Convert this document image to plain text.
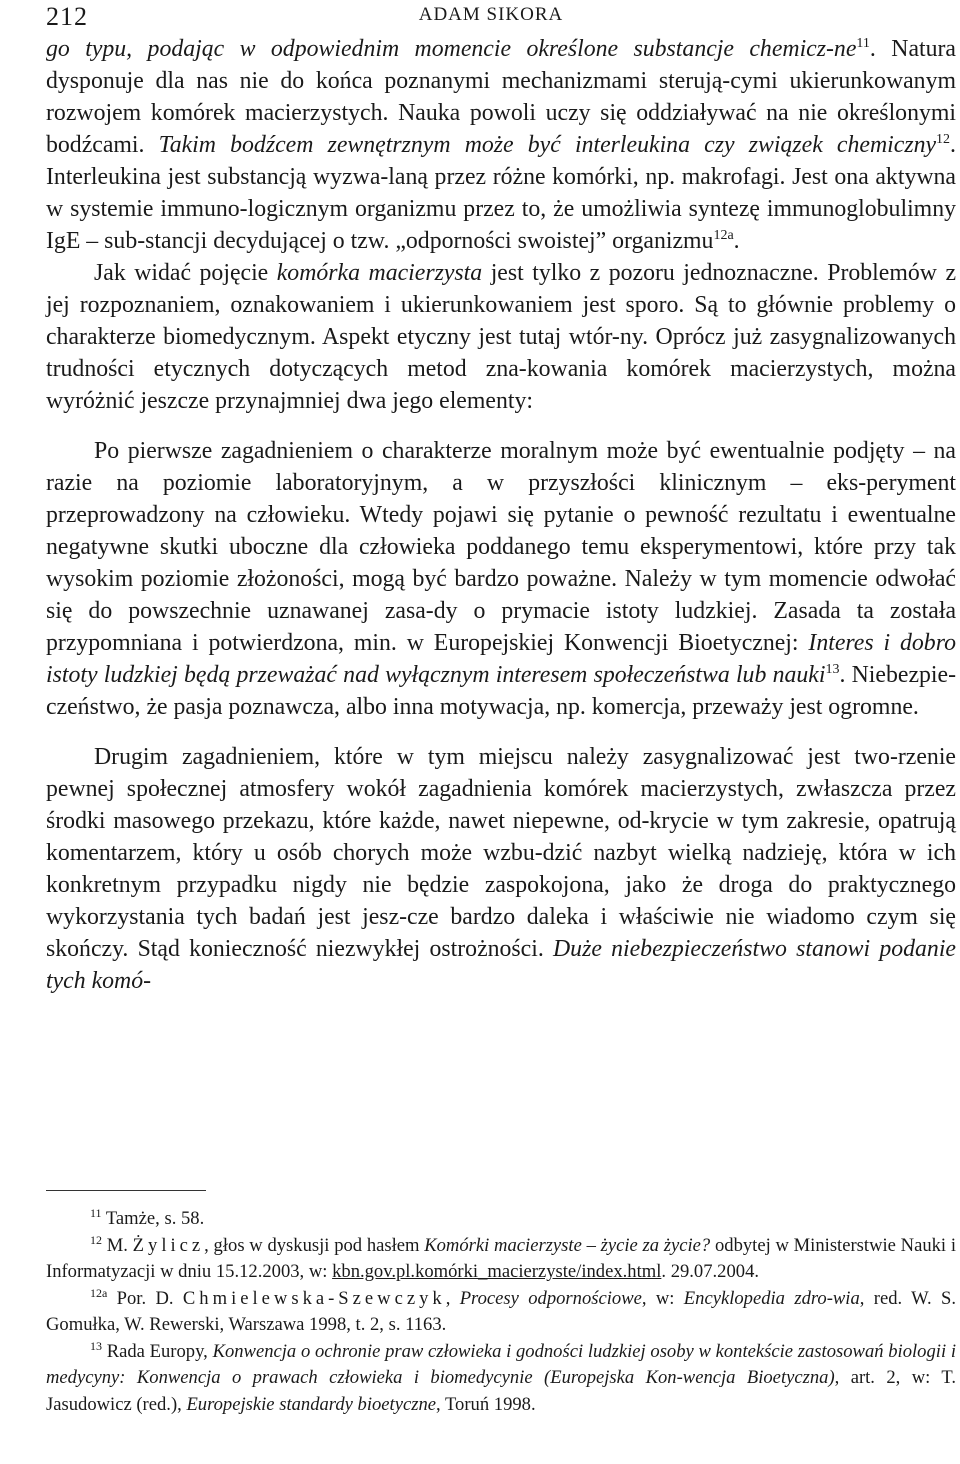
212	ADAM SIKORA

go typu, podając w odpowiednim momencie określone substancje chemicz-$ne^{11}$. Natura dysponuje dla nas nie do końca poznanymi mechanizmami sterują-cymi ukierunkowanym rozwojem komórek macierzystych. Nauka powoli uczy się oddziaływać na nie określonymi bodźcami. Takim bodźcem zewnętrznym może być interleukina czy związek chemiczny$^{12}$. Interleukina jest substancją wyzwa-laną przez różne komórki, np. makrofagi. Jest ona aktywna w systemie immuno-logicznym organizmu przez to, że umożliwia syntezę immunoglobulimny IgE – sub-stancji decydującej o tzw. „odporności swoistej” organizmu$^{12a}$.

Jak widać pojęcie komórka macierzysta jest tylko z pozoru jednoznaczne. Problemów z jej rozpoznaniem, oznakowaniem i ukierunkowaniem jest sporo. Są to głównie problemy o charakterze biomedycznym. Aspekt etyczny jest tutaj wtór-ny. Oprócz już zasygnalizowanych trudności etycznych dotyczących metod zna-kowania komórek macierzystych, można wyróżnić jeszcze przynajmniej dwa jego elementy:

Po pierwsze zagadnieniem o charakterze moralnym może być ewentualnie podjęty – na razie na poziomie laboratoryjnym, a w przyszłości klinicznym – eks-peryment przeprowadzony na człowieku. Wtedy pojawi się pytanie o pewność rezultatu i ewentualne negatywne skutki uboczne dla człowieka poddanego temu eksperymentowi, które przy tak wysokim poziomie złożoności, mogą być bardzo poważne. Należy w tym momencie odwołać się do powszechnie uznawanej zasa-dy o prymacie istoty ludzkiej. Zasada ta została przypomniana i potwierdzona, min. w Europejskiej Konwencji Bioetycznej: Interes i dobro istoty ludzkiej będą przeważać nad wyłącznym interesem społeczeństwa lub nauki$^{13}$. Niebezpie-czeństwo, że pasja poznawcza, albo inna motywacja, np. komercja, przeważy jest ogromne.

Drugim zagadnieniem, które w tym miejscu należy zasygnalizować jest two-rzenie pewnej społecznej atmosfery wokół zagadnienia komórek macierzystych, zwłaszcza przez środki masowego przekazu, które każde, nawet niepewne, od-krycie w tym zakresie, opatrują komentarzem, który u osób chorych może wzbu-dzić nazbyt wielką nadzieję, która w ich konkretnym przypadku nigdy nie będzie zaspokojona, jako że droga do praktycznego wykorzystania tych badań jest jesz-cze bardzo daleka i właściwie nie wiadomo czym się skończy. Stąd konieczność niezwykłej ostrożności. Duże niebezpieczeństwo stanowi podanie tych komó-

$^{11}$ Tamże, s. 58.

$^{12}$ M. Żylicz, głos w dyskusji pod hasłem Komórki macierzyste – życie za życie? odbytej w Ministerstwie Nauki i Informatyzacji w dniu 15.12.2003, w: kbn.gov.pl.komórki_macierzyste/index.html. 29.07.2004.

$^{12a}$ Por. D. Chmielewska-Szewczyk, Procesy odpornościowe, w: Encyklopedia zdro-wia, red. W. S. Gomułka, W. Rewerski, Warszawa 1998, t. 2, s. 1163.

$^{13}$ Rada Europy, Konwencja o ochronie praw człowieka i godności ludzkiej osoby w kontekście zastosowań biologii i medycyny: Konwencja o prawach człowieka i biomedycynie (Europejska Kon-wencja Bioetyczna), art. 2, w: T. Jasudowicz (red.), Europejskie standardy bioetyczne, Toruń 1998.
